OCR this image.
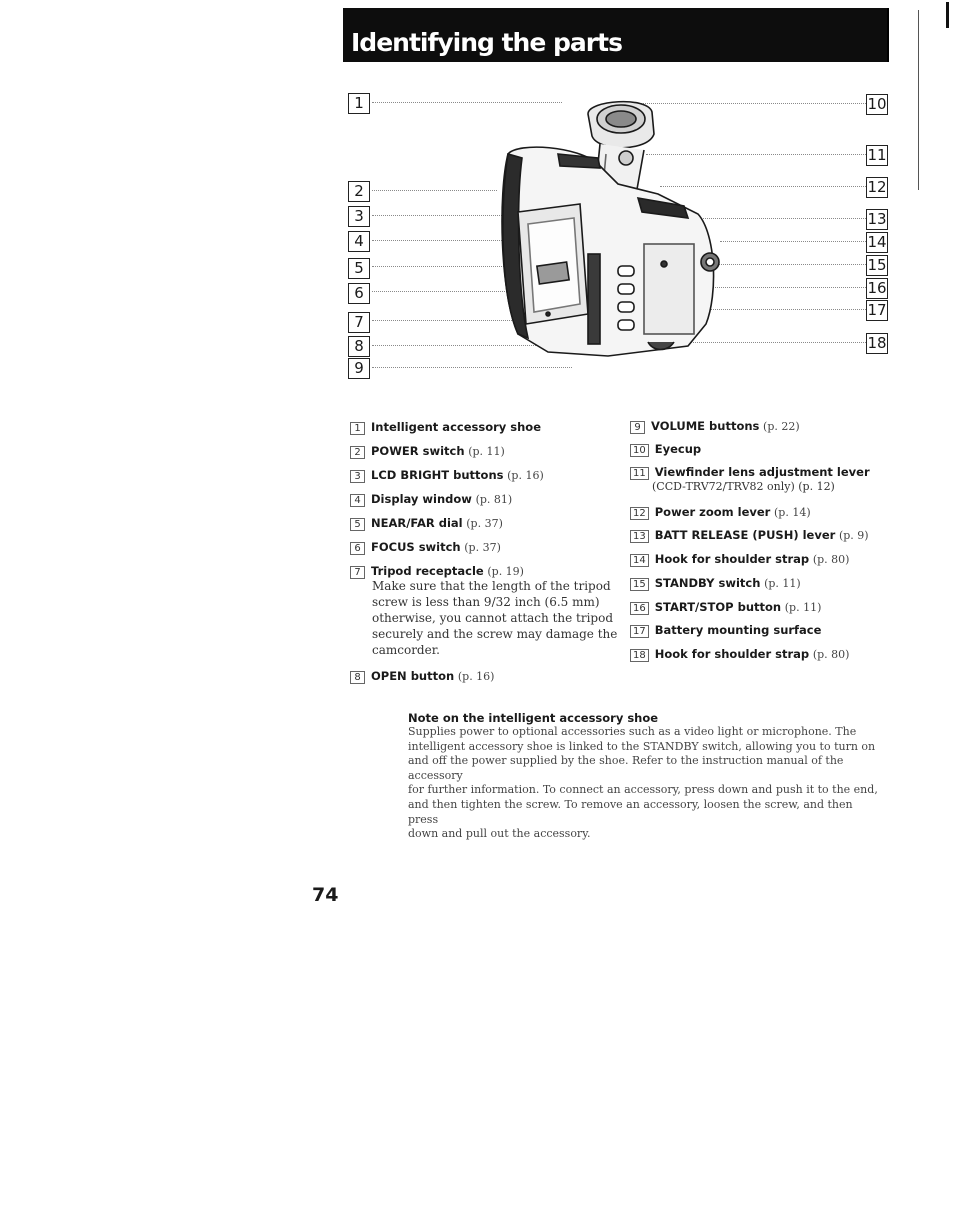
Identifying the parts
1
2
3
4
5
6
7
8
9
10
11
12
13
14
15
16
17
18
1 Intelligent accessory shoe
2 POWER switch (p. 11)
3 LCD BRIGHT buttons (p. 16)
4 Display window (p. 81)
5 NEAR/FAR dial (p. 37)
6 FOCUS switch (p. 37)
7 Tripod receptacle (p. 19)
Make sure that the length of the tripod
screw is less than 9/32 inch (6.5 mm)
otherwise, you cannot attach the tripod
securely and the screw may damage the
camcorder.
8 OPEN button (p. 16)
9 VOLUME buttons (p. 22)
10 Eyecup
11 Viewfinder lens adjustment lever
(CCD-TRV72/TRV82 only) (p. 12)
12 Power zoom lever (p. 14)
13 BATT RELEASE (PUSH) lever (p. 9)
14 Hook for shoulder strap (p. 80)
15 STANDBY switch (p. 11)
16 START/STOP button (p. 11)
17 Battery mounting surface
18 Hook for shoulder strap (p. 80)
Note on the intelligent accessory shoe
Supplies power to optional accessories such as a video light or microphone. The
intelligent accessory shoe is linked to the STANDBY switch, allowing you to turn on
and off the power supplied by the shoe. Refer to the instruction manual of the accessory
for further information. To connect an accessory, press down and push it to the end,
and then tighten the screw. To remove an accessory, loosen the screw, and then press
down and pull out the accessory.
74
